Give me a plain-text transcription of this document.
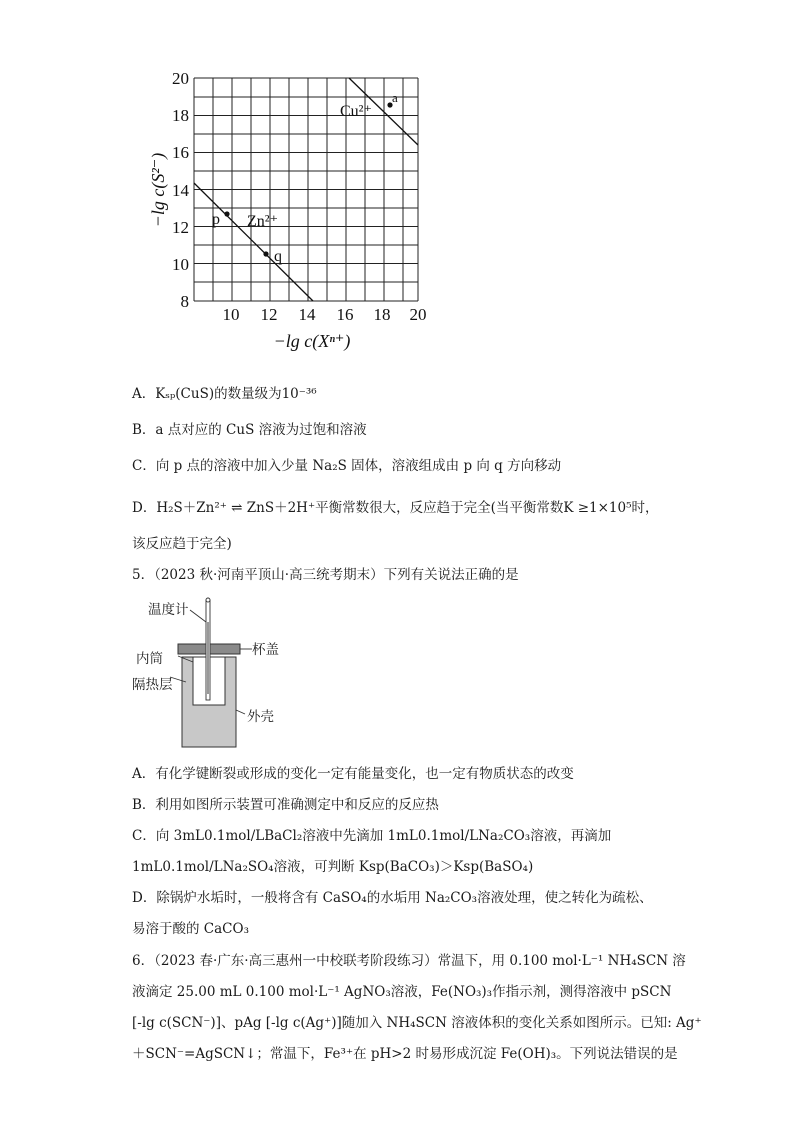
Cu²⁺
a
p Zn²⁺
q
20
18
16
14
12
10
8
10 12 14 16 18 20
−lg c(Xⁿ⁺)
−lg c(S²⁻)
A．Kₛₚ(CuS)的数量级为10⁻³⁶
B．a 点对应的 CuS 溶液为过饱和溶液
C．向 p 点的溶液中加入少量 Na₂S 固体，溶液组成由 p 向 q 方向移动
D．H₂S＋Zn²⁺ ⇌ ZnS＋2H⁺平衡常数很大，反应趋于完全(当平衡常数K ≥1×10⁵时，
该反应趋于完全)
5．（2023 秋·河南平顶山·高三统考期末）下列有关说法正确的是
温度计
杯盖
内筒
隔热层
外壳
A．有化学键断裂或形成的变化一定有能量变化，也一定有物质状态的改变
B．利用如图所示装置可准确测定中和反应的反应热
C．向 3mL0.1mol/LBaCl₂溶液中先滴加 1mL0.1mol/LNa₂CO₃溶液，再滴加
1mL0.1mol/LNa₂SO₄溶液，可判断 Ksp(BaCO₃)＞Ksp(BaSO₄)
D．除锅炉水垢时，一般将含有 CaSO₄的水垢用 Na₂CO₃溶液处理，使之转化为疏松、
易溶于酸的 CaCO₃
6．（2023 春·广东·高三惠州一中校联考阶段练习）常温下，用 0.100 mol·L⁻¹ NH₄SCN 溶
液滴定 25.00 mL 0.100 mol·L⁻¹ AgNO₃溶液，Fe(NO₃)₃作指示剂，测得溶液中 pSCN
[-lg c(SCN⁻)]、pAg [-lg c(Ag⁺)]随加入 NH₄SCN 溶液体积的变化关系如图所示。已知: Ag⁺
＋SCN⁻=AgSCN↓；常温下，Fe³⁺在 pH>2 时易形成沉淀 Fe(OH)₃。下列说法错误的是
